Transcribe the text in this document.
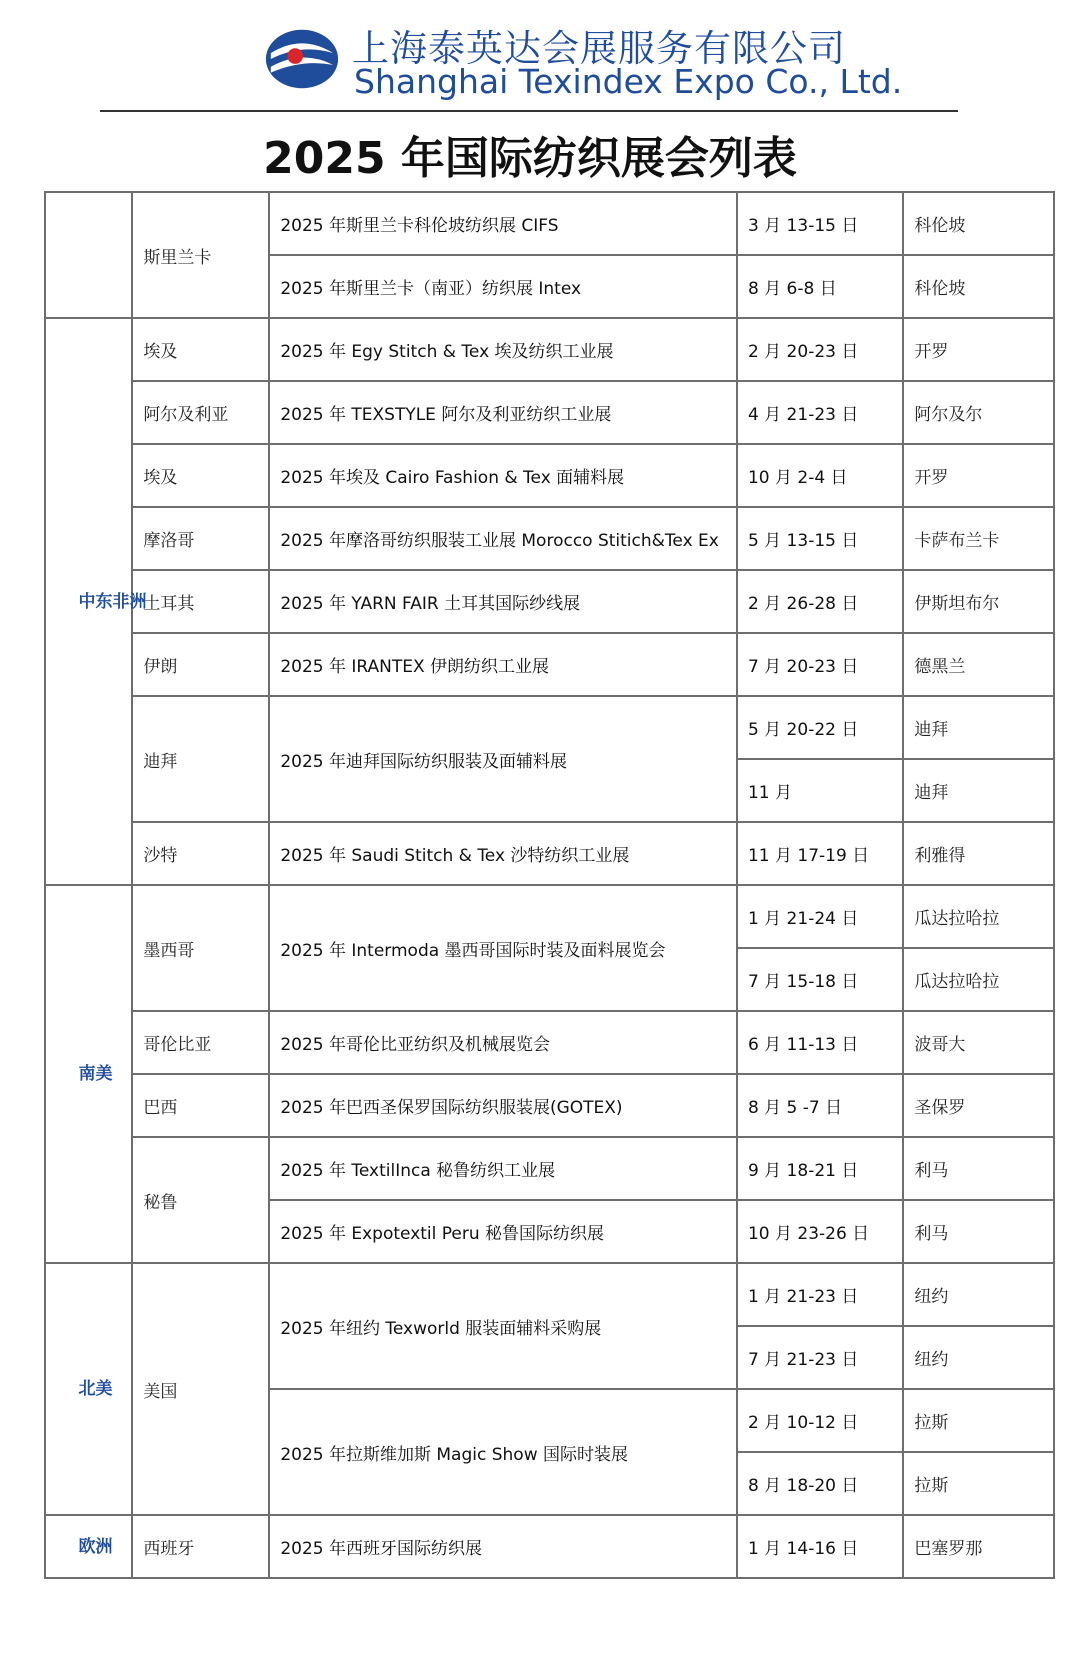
上海泰英达会展服务有限公司
Shanghai Texindex Expo Co., Ltd.
2025 年国际纺织展会列表
	斯里兰卡	2025 年斯里兰卡科伦坡纺织展 CIFS	3 月 13-15 日	科伦坡
		2025 年斯里兰卡（南亚）纺织展 Intex	8 月 6-8 日	科伦坡
中东非洲	埃及	2025 年 Egy Stitch & Tex 埃及纺织工业展	2 月 20-23 日	开罗
	阿尔及利亚	2025 年 TEXSTYLE 阿尔及利亚纺织工业展	4 月 21-23 日	阿尔及尔
	埃及	2025 年埃及 Cairo Fashion & Tex 面辅料展	10 月 2-4 日	开罗
	摩洛哥	2025 年摩洛哥纺织服装工业展 Morocco Stitich&Tex Ex	5 月 13-15 日	卡萨布兰卡
	土耳其	2025 年 YARN FAIR 土耳其国际纱线展	2 月 26-28 日	伊斯坦布尔
	伊朗	2025 年 IRANTEX 伊朗纺织工业展	7 月 20-23 日	德黑兰
	迪拜	2025 年迪拜国际纺织服装及面辅料展	5 月 20-22 日	迪拜
			11 月	迪拜
	沙特	2025 年 Saudi Stitch & Tex 沙特纺织工业展	11 月 17-19 日	利雅得
南美	墨西哥	2025 年 Intermoda 墨西哥国际时装及面料展览会	1 月 21-24 日	瓜达拉哈拉
			7 月 15-18 日	瓜达拉哈拉
	哥伦比亚	2025 年哥伦比亚纺织及机械展览会	6 月 11-13 日	波哥大
	巴西	2025 年巴西圣保罗国际纺织服装展(GOTEX)	8 月 5 -7 日	圣保罗
	秘鲁	2025 年 TextilInca 秘鲁纺织工业展	9 月 18-21 日	利马
		2025 年 Expotextil Peru 秘鲁国际纺织展	10 月 23-26 日	利马
北美	美国	2025 年纽约 Texworld 服装面辅料采购展	1 月 21-23 日	纽约
			7 月 21-23 日	纽约
		2025 年拉斯维加斯 Magic Show 国际时装展	2 月 10-12 日	拉斯
			8 月 18-20 日	拉斯
欧洲	西班牙	2025 年西班牙国际纺织展	1 月 14-16 日	巴塞罗那
